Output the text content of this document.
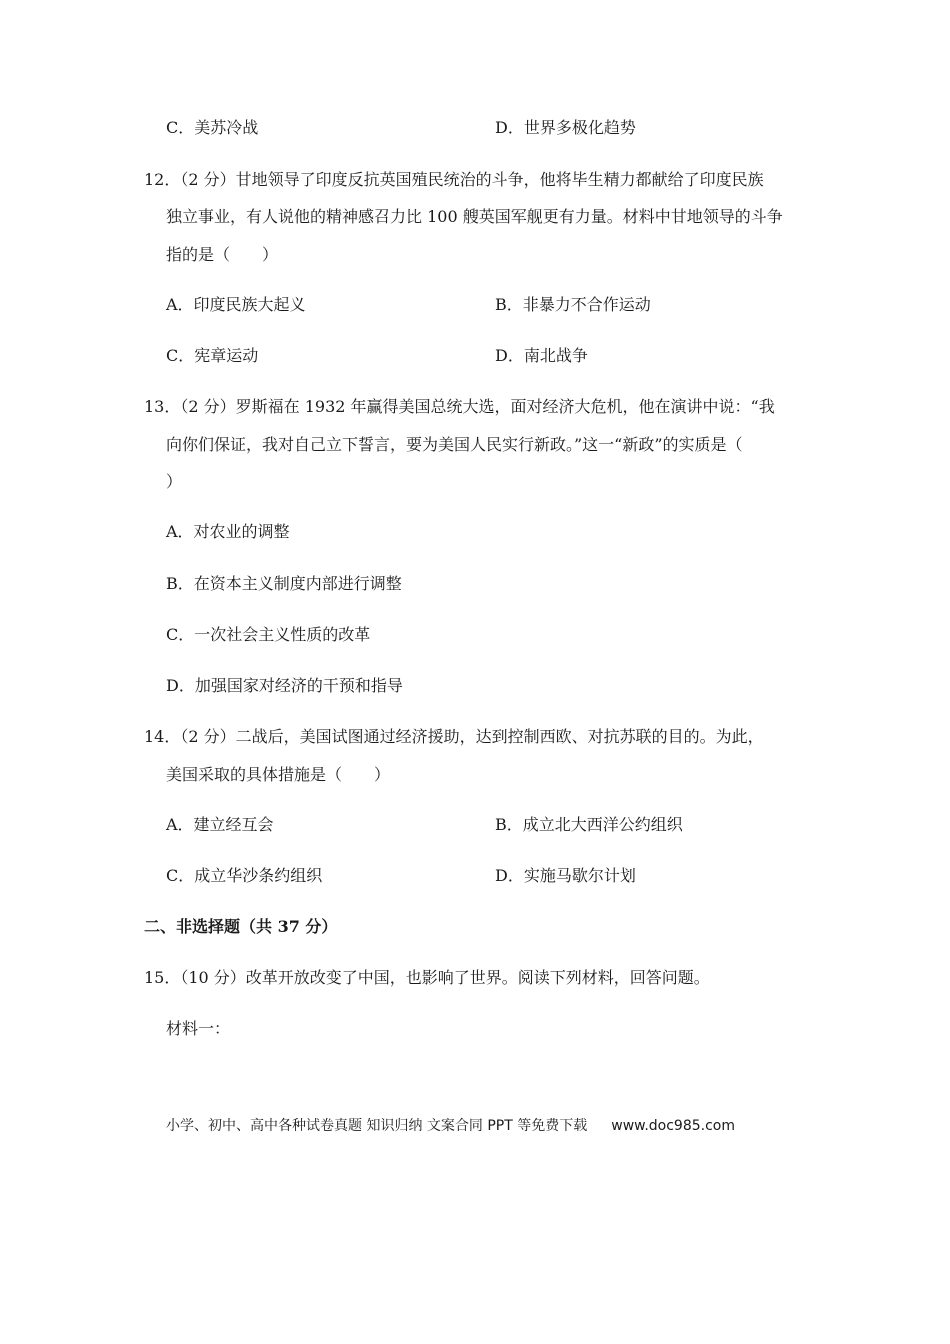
C．美苏冷战	D．世界多极化趋势
12．（2 分）甘地领导了印度反抗英国殖民统治的斗争，他将毕生精力都献给了印度民族
独立事业，有人说他的精神感召力比 100 艘英国军舰更有力量。材料中甘地领导的斗争
指的是（　　）
A．印度民族大起义	B．非暴力不合作运动
C．宪章运动	D．南北战争
13．（2 分）罗斯福在 1932 年赢得美国总统大选，面对经济大危机，他在演讲中说：“我
向你们保证，我对自己立下誓言，要为美国人民实行新政。”这一“新政”的实质是（
）
A．对农业的调整
B．在资本主义制度内部进行调整
C．一次社会主义性质的改革
D．加强国家对经济的干预和指导
14．（2 分）二战后，美国试图通过经济援助，达到控制西欧、对抗苏联的目的。为此，
美国采取的具体措施是（　　）
A．建立经互会	B．成立北大西洋公约组织
C．成立华沙条约组织	D．实施马歇尔计划
二、非选择题（共 37 分）
15．（10 分）改革开放改变了中国，也影响了世界。阅读下列材料，回答问题。
材料一：
小学、初中、高中各种试卷真题 知识归纳 文案合同 PPT 等免费下载 www.doc985.com
